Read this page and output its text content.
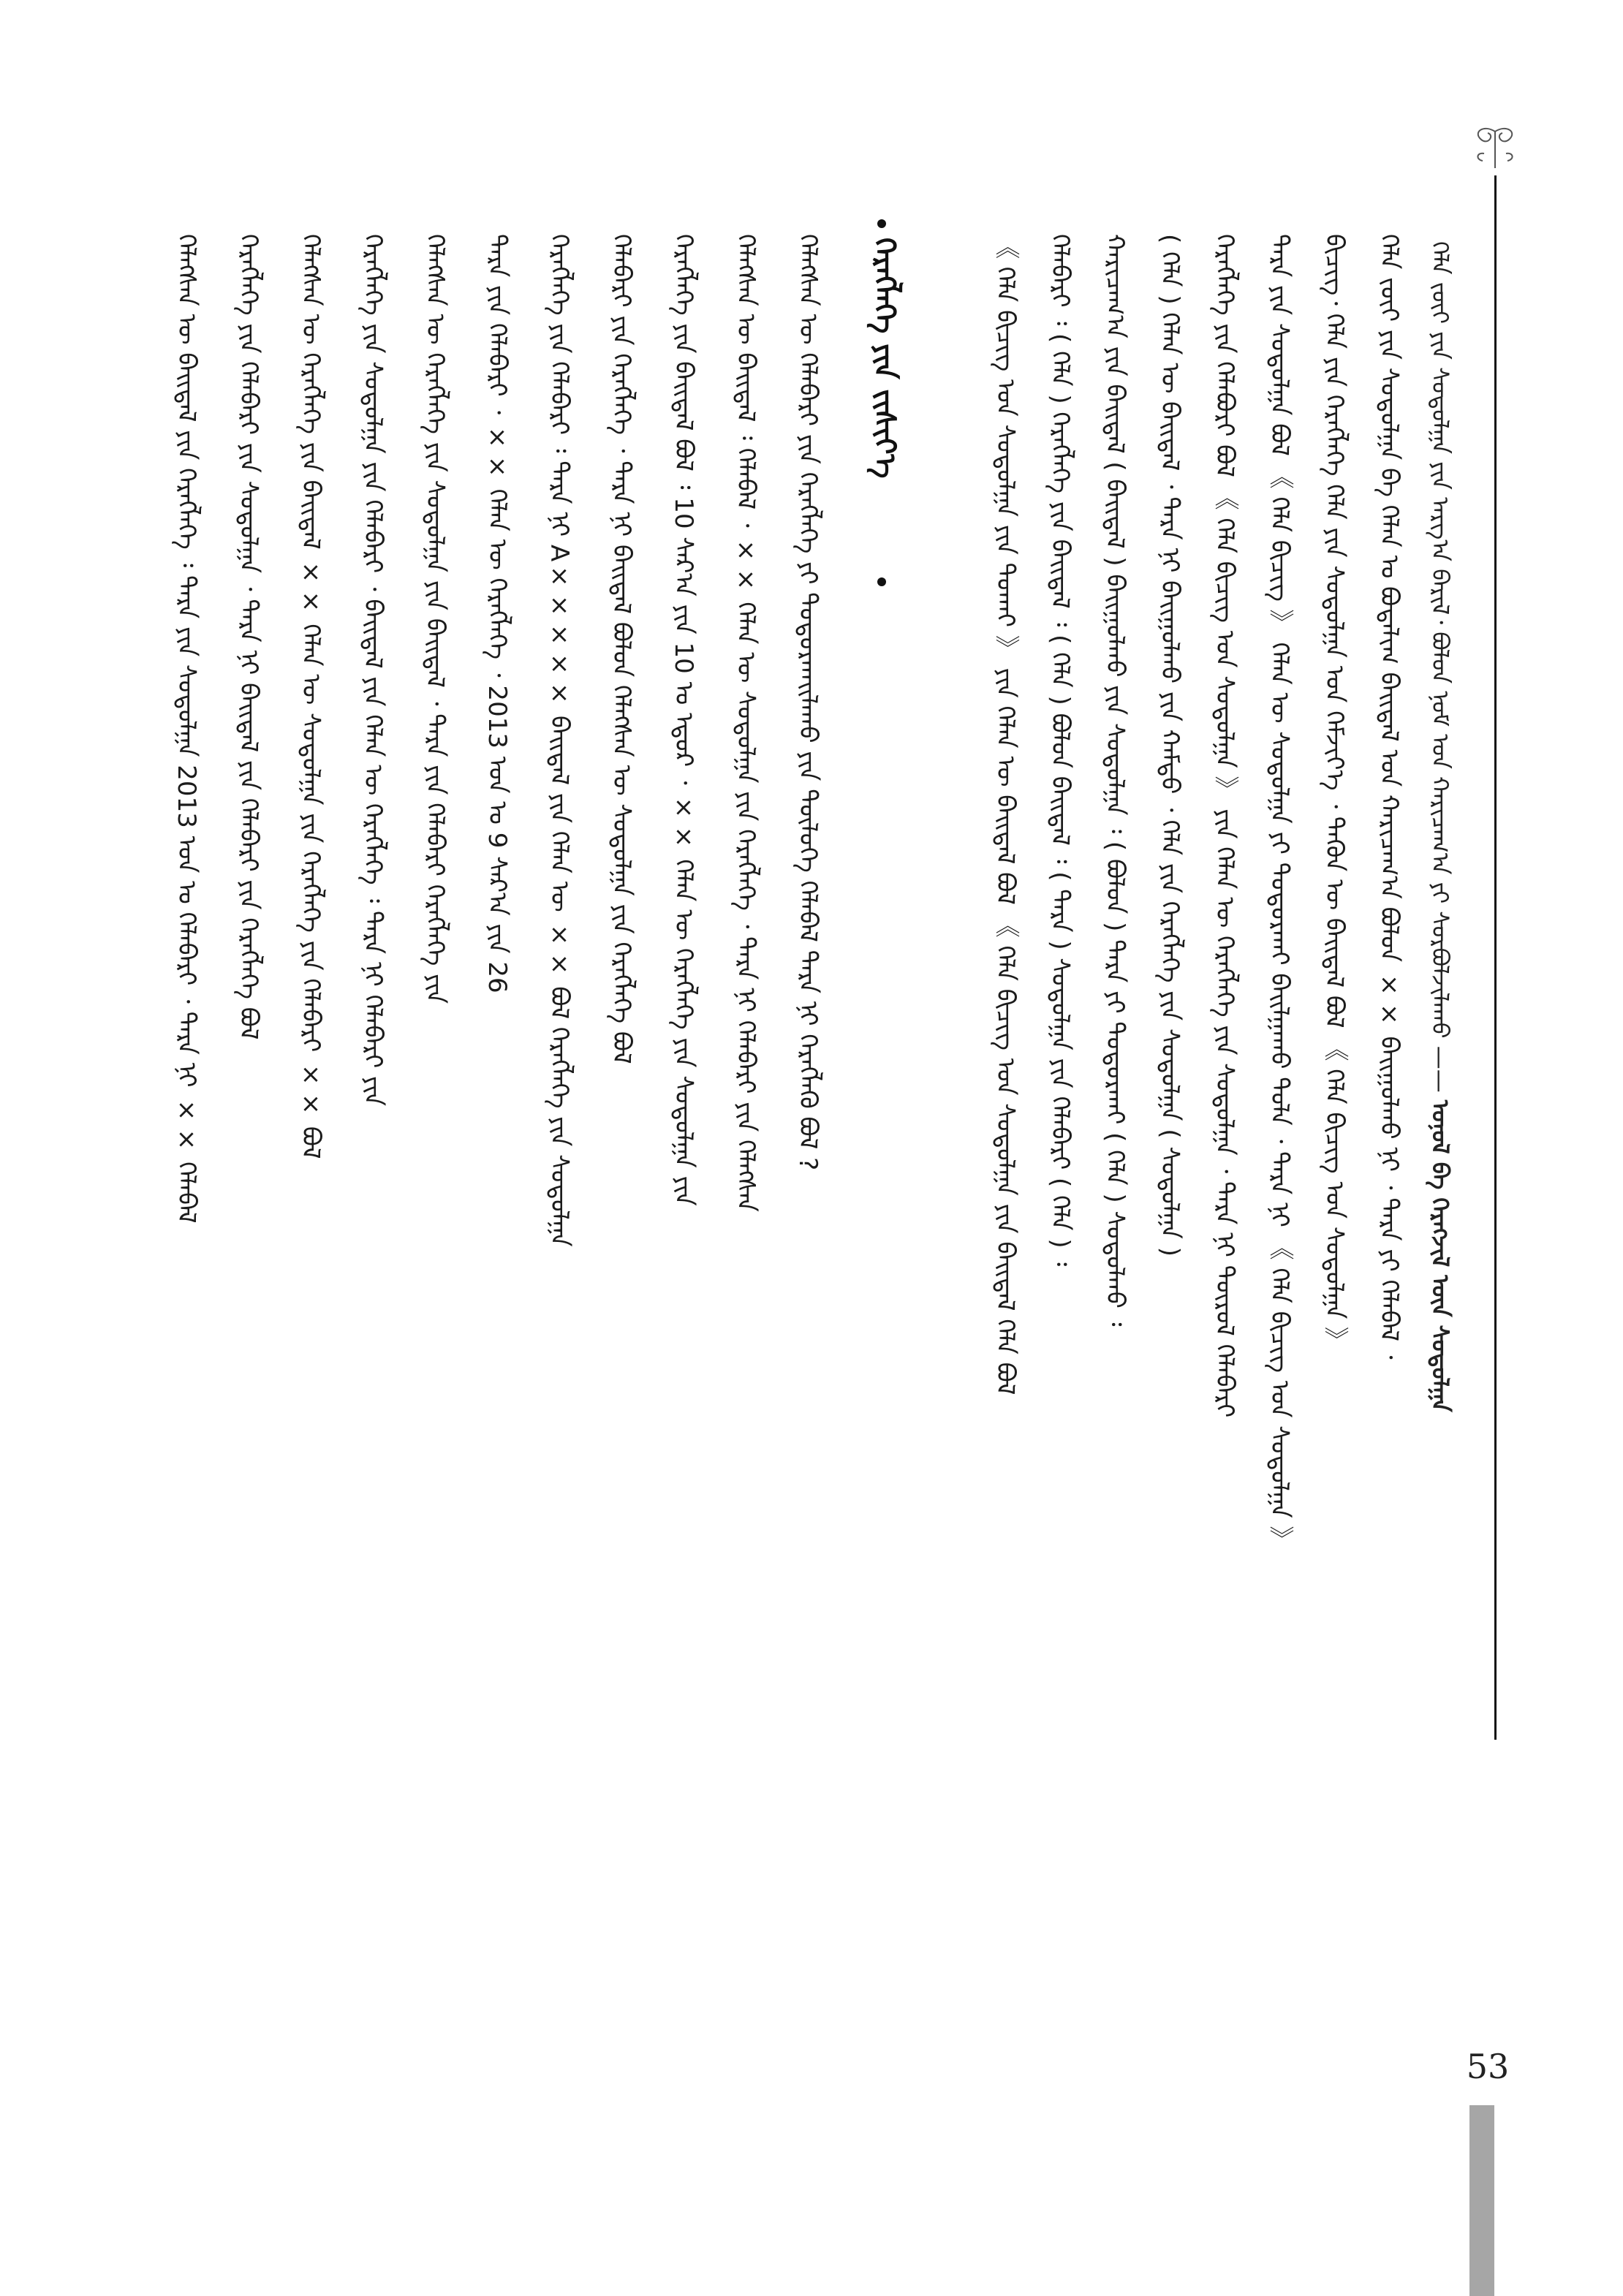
ᠬᠡᠯᠡ ᠵᠦᠢ ᠶᠢᠨ ᠰᠤᠳᠤᠯᠭᠠ ᠶᠢᠨ ᠠᠷᠭ᠎ᠠ ᠪᠠᠷᠢᠯ᠂ ᠪᠤᠯᠤᠨ ᠨᠣᠮ ᠤᠨ ᠬᠠᠷᠢᠴᠠᠭ᠎ᠠ ᠶᠢ ᠰᠤᠷᠪᠤᠯᠵᠢᠯᠠᠬᠤ —— ᠣᠨᠣᠯ ᠪᠠ ᠬᠡᠷᠡᠭᠵᠢᠯ ᠦᠨ ᠰᠤᠳᠤᠯᠭᠠ
ᠬᠡᠯᠡ ᠵᠦᠢ ᠶᠢᠨ ᠰᠤᠳᠤᠯᠭᠠ ᠪᠠ ᠬᠡᠯᠡᠨ ᠤ ᠪᠣᠳᠠᠯᠢᠭ ᠪᠠᠢᠳᠠᠯ ᠤᠨ ᠬᠠᠷᠢᠴᠠᠭ᠎ᠠ ᠪᠤᠯᠤᠨ ×× ᠪᠠᠢᠭᠤᠯᠬᠤ ᠨᠢ ᠂ ᠲᠡᠷᠡ ᠶᠢ ᠬᠡᠯᠡᠪᠡᠯ ᠂
ᠪᠢᠴᠢᠭ᠂ ᠬᠡᠯᠡ ᠶᠢᠨ ᠬᠡᠷᠡᠭᠯᠡᠭᠡ ᠬᠡᠯᠡ ᠶᠢᠨ ᠰᠤᠳᠤᠯᠭᠠ ᠤᠨ ᠬᠡᠮᠵᠢᠶ᠎ᠡ ᠂ ᠲᠡᠭᠦᠨ ᠦ ᠪᠠᠢᠳᠠᠯ ᠪᠣᠯ 《 ᠬᠡᠯᠡ ᠪᠢᠴᠢᠭ ᠤᠨ ᠰᠤᠳᠤᠯᠭᠠ 》
ᠲᠡᠷᠡ ᠶᠢᠨ ᠰᠤᠳᠤᠯᠭᠠ ᠪᠣᠯ 《 ᠬᠡᠯᠡ ᠪᠢᠴᠢᠭ 》 ᠬᠡᠯᠡᠨ ᠦ ᠰᠤᠳᠤᠯᠭᠠ ᠶᠢ ᠲᠣᠳᠤᠷᠬᠠᠢ ᠪᠠᠢᠯᠭᠠᠬᠤ ᠲᠤᠯᠠ ᠂ ᠲᠡᠷᠡ ᠨᠢ 《 ᠬᠡᠯᠡ ᠪᠢᠴᠢᠭ ᠤᠨ ᠰᠤᠳᠤᠯᠭᠠ 》
ᠬᠡᠷᠡᠭᠯᠡᠭᠡ ᠶᠢᠨ ᠬᠡᠯᠡᠪᠦᠷᠢ ᠪᠣᠯ 《 ᠬᠡᠯᠡ ᠪᠢᠴᠢᠭ ᠤᠨ ᠰᠤᠳᠤᠯᠭᠠ 》 ᠶᠢᠨ ᠬᠡᠯᠡᠨ ᠦ ᠬᠡᠷᠡᠭᠯᠡᠭᠡ ᠶᠢᠨ ᠰᠤᠳᠤᠯᠭᠠ ᠂ ᠲᠡᠷᠡ ᠨᠢ ᠲᠥᠷᠥᠯ ᠬᠡᠯᠡᠪᠡᠷᠢ
( ᠬᠡᠯᠡ ) ᠬᠡᠯᠡᠨ ᠦ ᠪᠠᠢᠳᠠᠯ ᠂ ᠲᠡᠷᠡ ᠨᠢ ᠪᠠᠢᠭᠤᠯᠬᠤ ᠶᠢᠨ ᠬᠠᠮᠲᠤ ᠂ ᠬᠡᠯᠡ ᠶᠢᠨ ᠬᠡᠷᠡᠭᠯᠡᠭᠡ ᠶᠢᠨ ᠰᠤᠳᠤᠯᠭᠠ ( ᠰᠤᠳᠤᠯᠭᠠ )
ᠬᠠᠷᠢᠴᠠᠭ᠎ᠠ ᠶᠢᠨ ᠪᠠᠢᠳᠠᠯ ( ᠪᠠᠢᠳᠠᠯ ) ᠪᠠᠢᠭᠤᠯᠬᠤ ᠶᠢᠨ ᠰᠤᠳᠤᠯᠭᠠ ᠄ ( ᠪᠤᠯᠤᠨ ) ᠲᠡᠷᠡ ᠶᠢ ᠲᠣᠳᠤᠷᠬᠠᠢ ( ᠬᠡᠯᠡ ) ᠰᠤᠳᠤᠯᠬᠤ ᠄
ᠬᠡᠯᠡᠪᠡᠷᠢ ᠄ ( ᠬᠡᠯᠡ ) ᠬᠡᠷᠡᠭᠯᠡᠭᠡ ᠶᠢᠨ ᠪᠠᠢᠳᠠᠯ ᠄ ( ᠬᠡᠯᠡ ) ᠪᠤᠯᠤᠨ ᠪᠠᠢᠳᠠᠯ ᠄ ( ᠲᠡᠷᠡ ) ᠰᠤᠳᠤᠯᠭᠠ ᠶᠢᠨ ᠬᠡᠯᠡᠪᠡᠷᠢ ( ᠬᠡᠯᠡ ) ᠄
《 ᠬᠡᠯᠡ ᠪᠢᠴᠢᠭ ᠤᠨ ᠰᠤᠳᠤᠯᠭᠠ ᠶᠢᠨ ᠲᠤᠬᠠᠢ 》 ᠶᠢᠨ ᠬᠡᠯᠡᠨ ᠦ ᠪᠠᠢᠳᠠᠯ ᠪᠣᠯ 《 ᠬᠡᠯᠡ ᠪᠢᠴᠢᠭ ᠤᠨ ᠰᠤᠳᠤᠯᠭᠠ ᠶᠢᠨ ᠪᠠᠢᠳᠠᠯ ᠬᠡᠯᠡ ᠪᠣᠯ
ᠬᠡᠷᠡᠭᠯᠡᠭᠡ ᠶᠢᠨ ᠵᠢᠱᠢᠶ᠎ᠡ
ᠬᠡᠯᠡᠭᠰᠡᠨ ᠦ ᠬᠡᠯᠡᠪᠡᠷᠢ ᠶᠢᠨ ᠬᠡᠷᠡᠭᠯᠡᠭᠡ ᠶᠢ ᠲᠣᠳᠤᠷᠬᠠᠢᠯᠠᠬᠤ ᠶᠢᠨ ᠲᠥᠯᠥᠭᠡ ᠬᠡᠯᠡᠪᠡᠯ ᠲᠡᠷᠡ ᠨᠢ ᠬᠡᠷᠡᠭᠯᠡᠬᠦ ᠪᠣᠯ ?
ᠬᠡᠯᠡᠭᠰᠡᠨ ᠦ ᠪᠠᠢᠳᠠᠯ ᠄ ᠬᠡᠯᠡᠪᠡᠯ ᠂ ×× ᠬᠡᠯᠡᠨ ᠦ ᠰᠤᠳᠤᠯᠭᠠ ᠶᠢᠨ ᠬᠡᠷᠡᠭᠯᠡᠭᠡ ᠂ ᠲᠡᠷᠡ ᠨᠢ ᠬᠡᠯᠡᠪᠡᠷᠢ ᠶᠢᠨ ᠬᠡᠯᠡᠭᠰᠡᠨ
ᠬᠡᠷᠡᠭᠯᠡᠭᠡ ᠶᠢᠨ ᠪᠠᠢᠳᠠᠯ ᠪᠣᠯ ᠄ 10 ᠰᠠᠷ᠎ᠠ ᠶᠢᠨ 10 ᠤ ᠡᠳᠦᠷ ᠂ ×× ᠬᠡᠯᠡᠨ ᠦ ᠬᠡᠷᠡᠭᠯᠡᠭᠡ ᠶᠢᠨ ᠰᠤᠳᠤᠯᠭᠠ ᠶᠢᠨ
ᠬᠡᠯᠡᠪᠡᠷᠢ ᠶᠢᠨ ᠬᠡᠷᠡᠭᠯᠡᠭᠡ ᠂ ᠲᠡᠷᠡ ᠨᠢ ᠪᠠᠢᠳᠠᠯ ᠪᠤᠯᠤᠨ ᠬᠡᠯᠡᠭᠰᠡᠨ ᠦ ᠰᠤᠳᠤᠯᠭᠠ ᠶᠢᠨ ᠬᠡᠷᠡᠭᠯᠡᠭᠡ ᠪᠣᠯ
ᠬᠡᠷᠡᠭᠯᠡᠭᠡ ᠶᠢᠨ ᠬᠡᠯᠡᠪᠡᠷᠢ ᠄ ᠲᠡᠷᠡ ᠨᠢ A××××× ᠪᠠᠢᠳᠠᠯ ᠶᠢᠨ ᠬᠡᠯᠡᠨ ᠦ ×× ᠪᠣᠯ ᠬᠡᠷᠡᠭᠯᠡᠭᠡ ᠶᠢᠨ ᠰᠤᠳᠤᠯᠭᠠ
ᠲᠡᠷᠡ ᠶᠢᠨ ᠬᠡᠯᠡᠪᠡᠷᠢ ᠂ ×× ᠬᠡᠯᠡᠨ ᠦ ᠬᠡᠷᠡᠭᠯᠡᠭᠡ ᠂ 2013 ᠣᠨ ᠤ 9 ᠰᠠᠷ᠎ᠠ ᠶᠢᠨ 26
ᠬᠡᠯᠡᠭᠰᠡᠨ ᠦ ᠬᠡᠷᠡᠭᠯᠡᠭᠡ ᠶᠢᠨ ᠰᠤᠳᠤᠯᠭᠠ ᠶᠢᠨ ᠪᠠᠢᠳᠠᠯ ᠂ ᠲᠡᠷᠡ ᠶᠢᠨ ᠬᠡᠯᠡᠪᠡᠷᠢ ᠬᠡᠷᠡᠭᠯᠡᠭᠡ ᠶᠢᠨ
ᠬᠡᠷᠡᠭᠯᠡᠭᠡ ᠶᠢᠨ ᠰᠤᠳᠤᠯᠭᠠ ᠶᠢᠨ ᠬᠡᠯᠡᠪᠡᠷᠢ ᠂ ᠪᠠᠢᠳᠠᠯ ᠶᠢᠨ ᠬᠡᠯᠡᠨ ᠦ ᠬᠡᠷᠡᠭᠯᠡᠭᠡ ᠄ ᠲᠡᠷᠡ ᠨᠢ ᠬᠡᠯᠡᠪᠡᠷᠢ ᠶᠢᠨ
ᠬᠡᠯᠡᠭᠰᠡᠨ ᠦ ᠬᠡᠷᠡᠭᠯᠡᠭᠡ ᠶᠢᠨ ᠪᠠᠢᠳᠠᠯ ×× ᠬᠡᠯᠡᠨ ᠦ ᠰᠤᠳᠤᠯᠭᠠ ᠶᠢᠨ ᠬᠡᠷᠡᠭᠯᠡᠭᠡ ᠶᠢᠨ ᠬᠡᠯᠡᠪᠡᠷᠢ ×× ᠪᠣᠯ
ᠬᠡᠷᠡᠭᠯᠡᠭᠡ ᠶᠢᠨ ᠬᠡᠯᠡᠪᠡᠷᠢ ᠶᠢᠨ ᠰᠤᠳᠤᠯᠭᠠ ᠂ ᠲᠡᠷᠡ ᠨᠢ ᠪᠠᠢᠳᠠᠯ ᠶᠢᠨ ᠬᠡᠯᠡᠪᠡᠷᠢ ᠶᠢᠨ ᠬᠡᠷᠡᠭᠯᠡᠭᠡ ᠪᠣᠯ
ᠬᠡᠯᠡᠭᠰᠡᠨ ᠦ ᠪᠠᠢᠳᠠᠯ ᠶᠢᠨ ᠬᠡᠷᠡᠭᠯᠡᠭᠡ ᠄ ᠲᠡᠷᠡ ᠶᠢᠨ ᠰᠤᠳᠤᠯᠭᠠ 2013 ᠣᠨ ᠤ ᠬᠡᠯᠡᠪᠡᠷᠢ ᠂ ᠲᠡᠷᠡ ᠨᠢ ×× ᠬᠡᠯᠡᠪᠡᠯ
53
